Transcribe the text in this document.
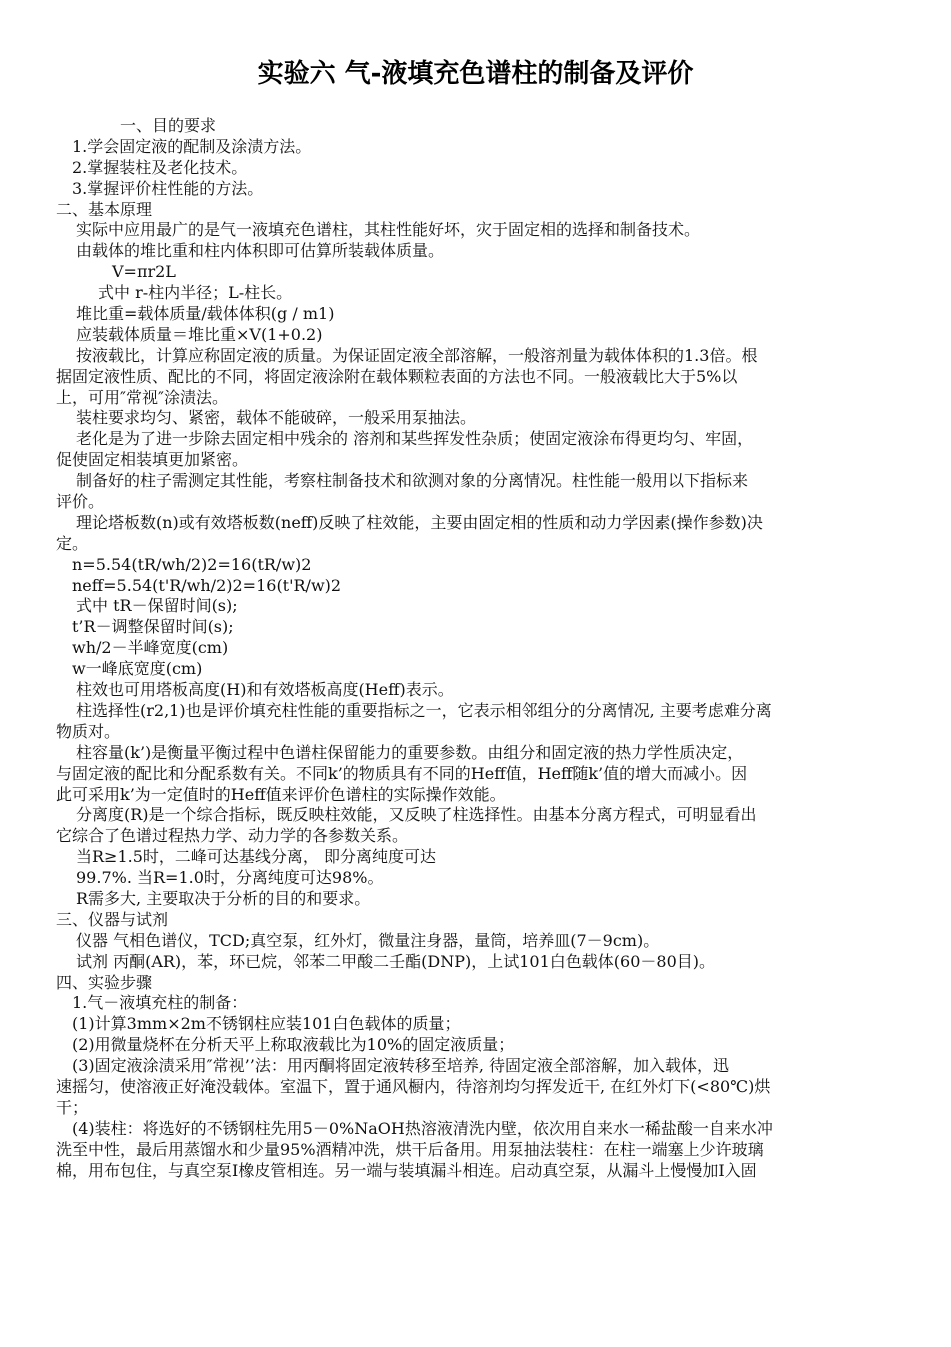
实验六 气-液填充色谱柱的制备及评价
一、目的要求
1.学会固定液的配制及涂渍方法。
2.掌握装柱及老化技术。
3.掌握评价柱性能的方法。
二、基本原理
实际中应用最广的是气一液填充色谱柱，其柱性能好坏，灾于固定相的选择和制备技术。
由载体的堆比重和柱内体积即可估算所装载体质量。
V=πr2L
式中 r-柱内半径；L-柱长。
堆比重=载体质量/载体体积(g / m1)
应装载体质量＝堆比重×V(1+0.2)
按液载比，计算应称固定液的质量。为保证固定液全部溶解，一般溶剂量为载体体积的1.3倍。根
据固定液性质、配比的不同，将固定液涂附在载体颗粒表面的方法也不同。一般液载比大于5%以
上，可用″常视″涂渍法。
装柱要求均匀、紧密，载体不能破碎，一般采用泵抽法。
老化是为了进一步除去固定相中残余的 溶剂和某些挥发性杂质；使固定液涂布得更均匀、牢固，
促使固定相装填更加紧密。
制备好的柱子需测定其性能，考察柱制备技术和欲测对象的分离情况。柱性能一般用以下指标来
评价。
理论塔板数(n)或有效塔板数(neff)反映了柱效能，主要由固定相的性质和动力学因素(操作参数)决
定。
n=5.54(tR/wh/2)2=16(tR/w)2
neff=5.54(t'R/wh/2)2=16(t'R/w)2
式中 tR－保留时间(s);
t’R－调整保留时间(s);
wh/2－半峰宽度(cm)
w一峰底宽度(cm)
柱效也可用塔板高度(H)和有效塔板高度(Heff)表示。
柱选择性(r2,1)也是评价填充柱性能的重要指标之一，它表示相邻组分的分离情况, 主要考虑难分离
物质对。
柱容量(k’)是衡量平衡过程中色谱柱保留能力的重要参数。由组分和固定液的热力学性质决定，
与固定液的配比和分配系数有关。不同k’的物质具有不同的Heff值，Heff随k’值的增大而减小。因
此可采用k’为一定值时的Heff值来评价色谱柱的实际操作效能。
分离度(R)是一个综合指标，既反映柱效能，又反映了柱选择性。由基本分离方程式，可明显看出
它综合了色谱过程热力学、动力学的各参数关系。
当R≥1.5时，二峰可达基线分离， 即分离纯度可达
99.7%. 当R=1.0时，分离纯度可达98%。
R需多大, 主要取决于分析的目的和要求。
三、仪器与试剂
仪器 气相色谱仪，TCD;真空泵，红外灯，微量注身器，量筒，培养皿(7－9cm)。
试剂 丙酮(AR)，苯，环已烷，邻苯二甲酸二壬酯(DNP)，上试101白色载体(60－80目)。
四、实验步骤
1.气－液填充柱的制备：
(1)计算3mm×2m不锈钢柱应装101白色载体的质量；
(2)用微量烧杯在分析天平上称取液载比为10%的固定液质量；
(3)固定液涂渍采用″常视’’法：用丙酮将固定液转移至培养, 待固定液全部溶解，加入载体，迅
速摇匀，使溶液正好淹没载体。室温下，置于通风橱内，待溶剂均匀挥发近干, 在红外灯下(<80℃)烘
干；
(4)装柱：将选好的不锈钢柱先用5－0%NaOH热溶液清洗内壁，依次用自来水一稀盐酸一自来水冲
洗至中性，最后用蒸馏水和少量95%酒精冲洗，烘干后备用。用泵抽法装柱：在柱一端塞上少许玻璃
棉，用布包住，与真空泵I橡皮管相连。另一端与装填漏斗相连。启动真空泵，从漏斗上慢慢加I入固
